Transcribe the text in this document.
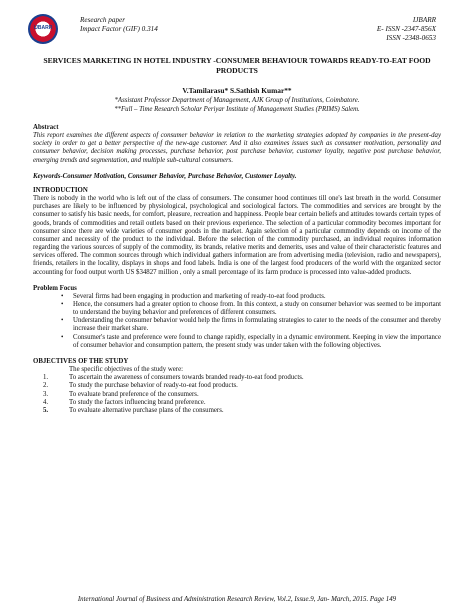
IJBARR
Research paper
Impact Factor (GIF) 0.314
IJBARR
E- ISSN -2347-856X
ISSN -2348-0653
SERVICES MARKETING IN HOTEL INDUSTRY -CONSUMER BEHAVIOUR TOWARDS READY-TO-EAT FOOD PRODUCTS
V.Tamilarasu* S.Sathish Kumar**
*Assistant Professor Department of Management, AJK Group of Institutions, Coimbatore.
**Full – Time Research Scholar Periyar Institute of Management Studies (PRIMS) Salem.

Abstract

This report examines the different aspects of consumer behavior in relation to the marketing strategies adopted by companies in the present-day society in order to get a better perspective of the new-age customer. And it also examines issues such as consumer motivation, personality and consumer behavior, decision making processes, purchase behavior, post purchase behavior, customer loyalty, negative post purchase behavior, emerging trends and segmentation, and multiple sub-cultural consumers.

Keywords-Consumer Motivation, Consumer Behavior, Purchase Behavior, Customer Loyalty.

INTRODUCTION

There is nobody in the world who is left out of the class of consumers. The consumer hood continues till one's last breath in the world. Consumer purchases are likely to be influenced by physiological, psychological and sociological factors. The commodities and services are brought by the consumer to satisfy his basic needs, for comfort, pleasure, recreation and happiness. People bear certain beliefs and attitudes towards certain types of goods, brands of commodities and retail outlets based on their previous experience. The selection of a particular commodity becomes important for consumer since there are wide varieties of consumer goods in the market. Again selection of a particular commodity depends on income of the consumer and necessity of the product to the individual. Before the selection of the commodity purchased, an individual requires information regarding the various sources of supply of the commodity, its brands, relative merits and demerits, uses and value of their characteristic features and services offered. The common sources through which individual gathers information are from advertising media (television, radio and newspapers), friends, retailers in the locality, displays in shops and food labels. India is one of the largest food producers of the world with the organized sector accounting for food output worth US $34827 million , only a small percentage of its farm produce is processed into value-added products.

Problem Focus

• Several firms had been engaging in production and marketing of ready-to-eat food products.
• Hence, the consumers had a greater option to choose from. In this context, a study on consumer behavior was seemed to be important to understand the buying behavior and preferences of different consumers.
• Understanding the consumer behavior would help the firms in formulating strategies to cater to the needs of the consumer and thereby increase their market share.
• Consumer's taste and preference were found to change rapidly, especially in a dynamic environment. Keeping in view the importance of consumer behavior and consumption pattern, the present study was under taken with the following objectives.

OBJECTIVES OF THE STUDY

The specific objectives of the study were:

1.	To ascertain the awareness of consumers towards branded ready-to-eat food products.
2.	To study the purchase behavior of ready-to-eat food products.
3.	To evaluate brand preference of the consumers.
4.	To study the factors influencing brand preference.
5.	To evaluate alternative purchase plans of the consumers.
International Journal of Business and Administration Research Review, Vol.2, Issue.9, Jan- March, 2015. Page 149
